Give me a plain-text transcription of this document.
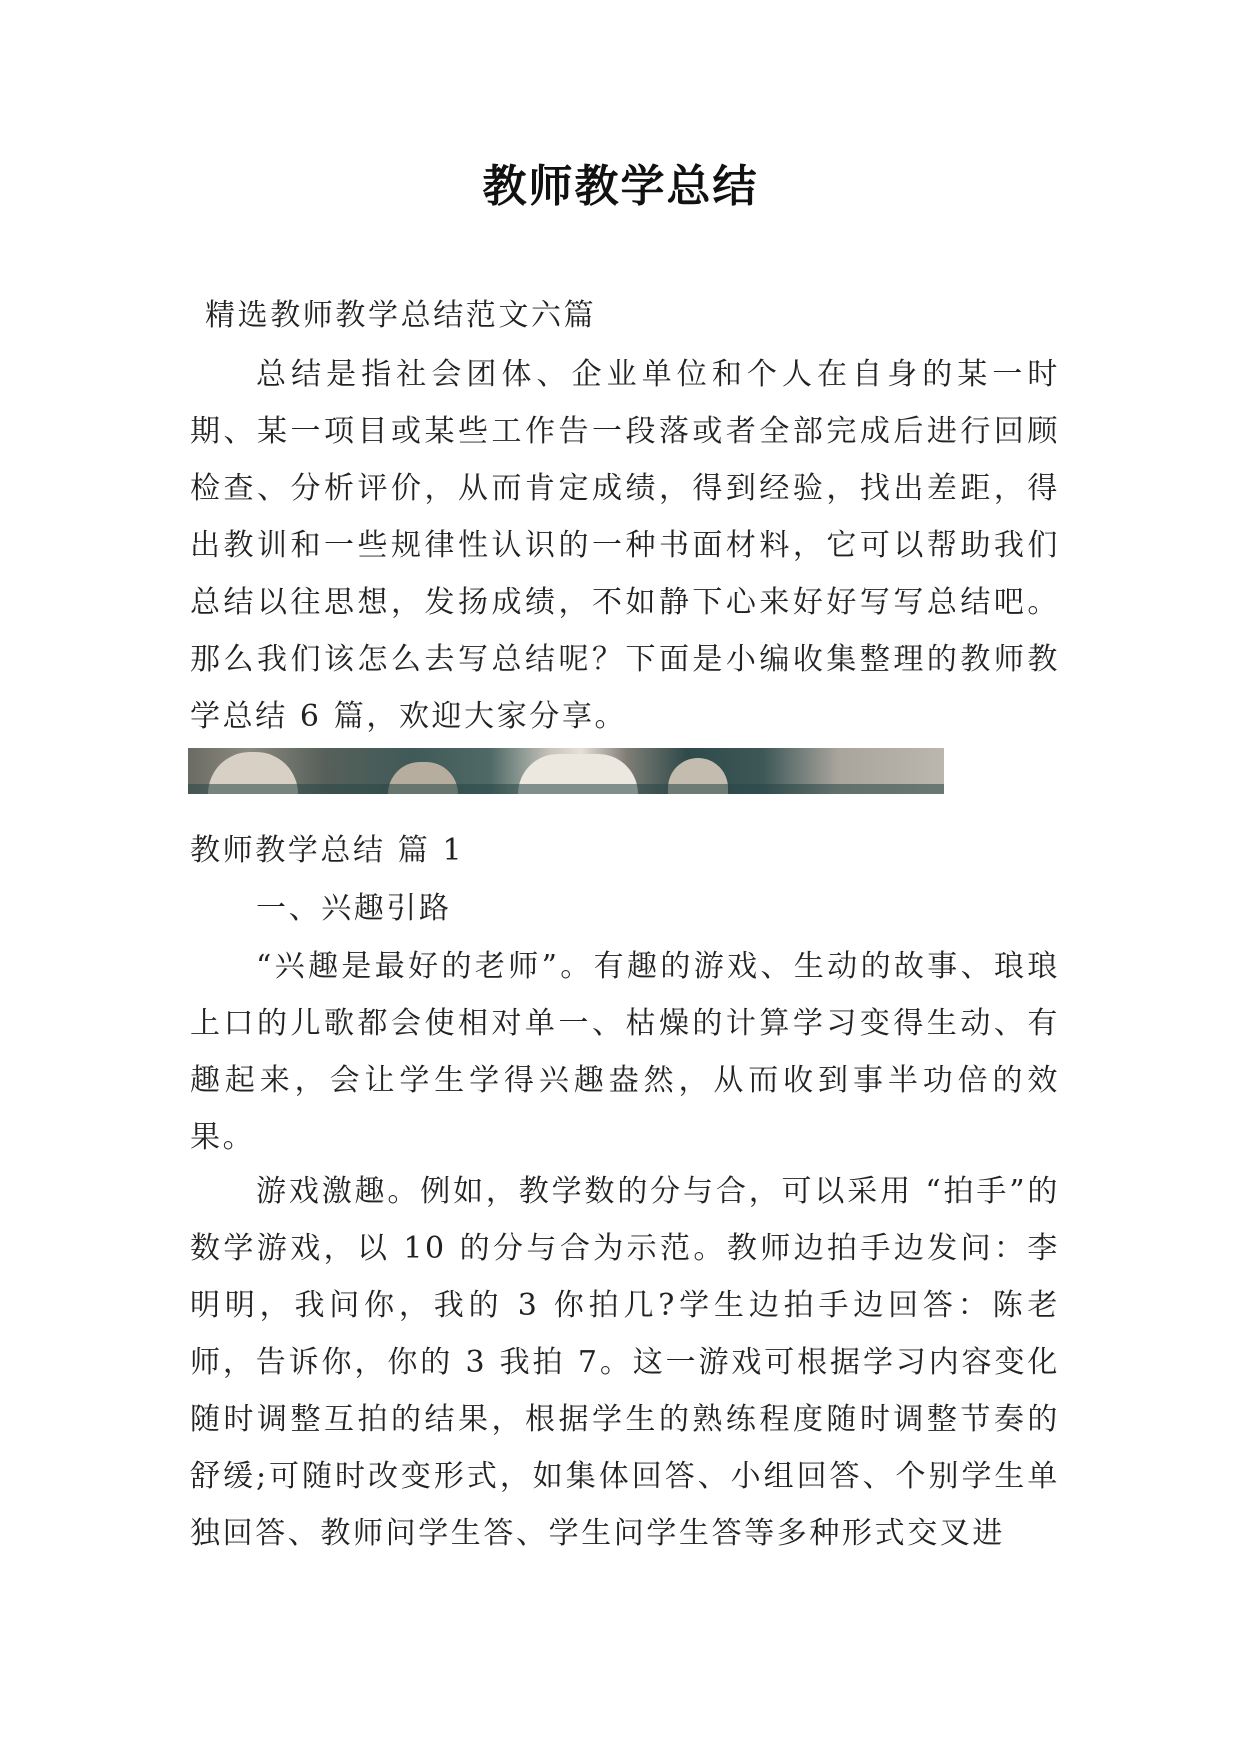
教师教学总结

精选教师教学总结范文六篇

总结是指社会团体、企业单位和个人在自身的某一时期、某一项目或某些工作告一段落或者全部完成后进行回顾检查、分析评价，从而肯定成绩，得到经验，找出差距，得出教训和一些规律性认识的一种书面材料，它可以帮助我们总结以往思想，发扬成绩，不如静下心来好好写写总结吧。那么我们该怎么去写总结呢？下面是小编收集整理的教师教学总结 6 篇，欢迎大家分享。

教师教学总结 篇 1

一、兴趣引路

“兴趣是最好的老师”。有趣的游戏、生动的故事、琅琅上口的儿歌都会使相对单一、枯燥的计算学习变得生动、有趣起来，会让学生学得兴趣盎然，从而收到事半功倍的效果。

游戏激趣。例如，教学数的分与合，可以采用 “拍手”的数学游戏，以 10 的分与合为示范。教师边拍手边发问：李明明，我问你，我的 3 你拍几?学生边拍手边回答：陈老师，告诉你，你的 3 我拍 7。这一游戏可根据学习内容变化随时调整互拍的结果，根据学生的熟练程度随时调整节奏的舒缓;可随时改变形式，如集体回答、小组回答、个别学生单独回答、教师问学生答、学生问学生答等多种形式交叉进
